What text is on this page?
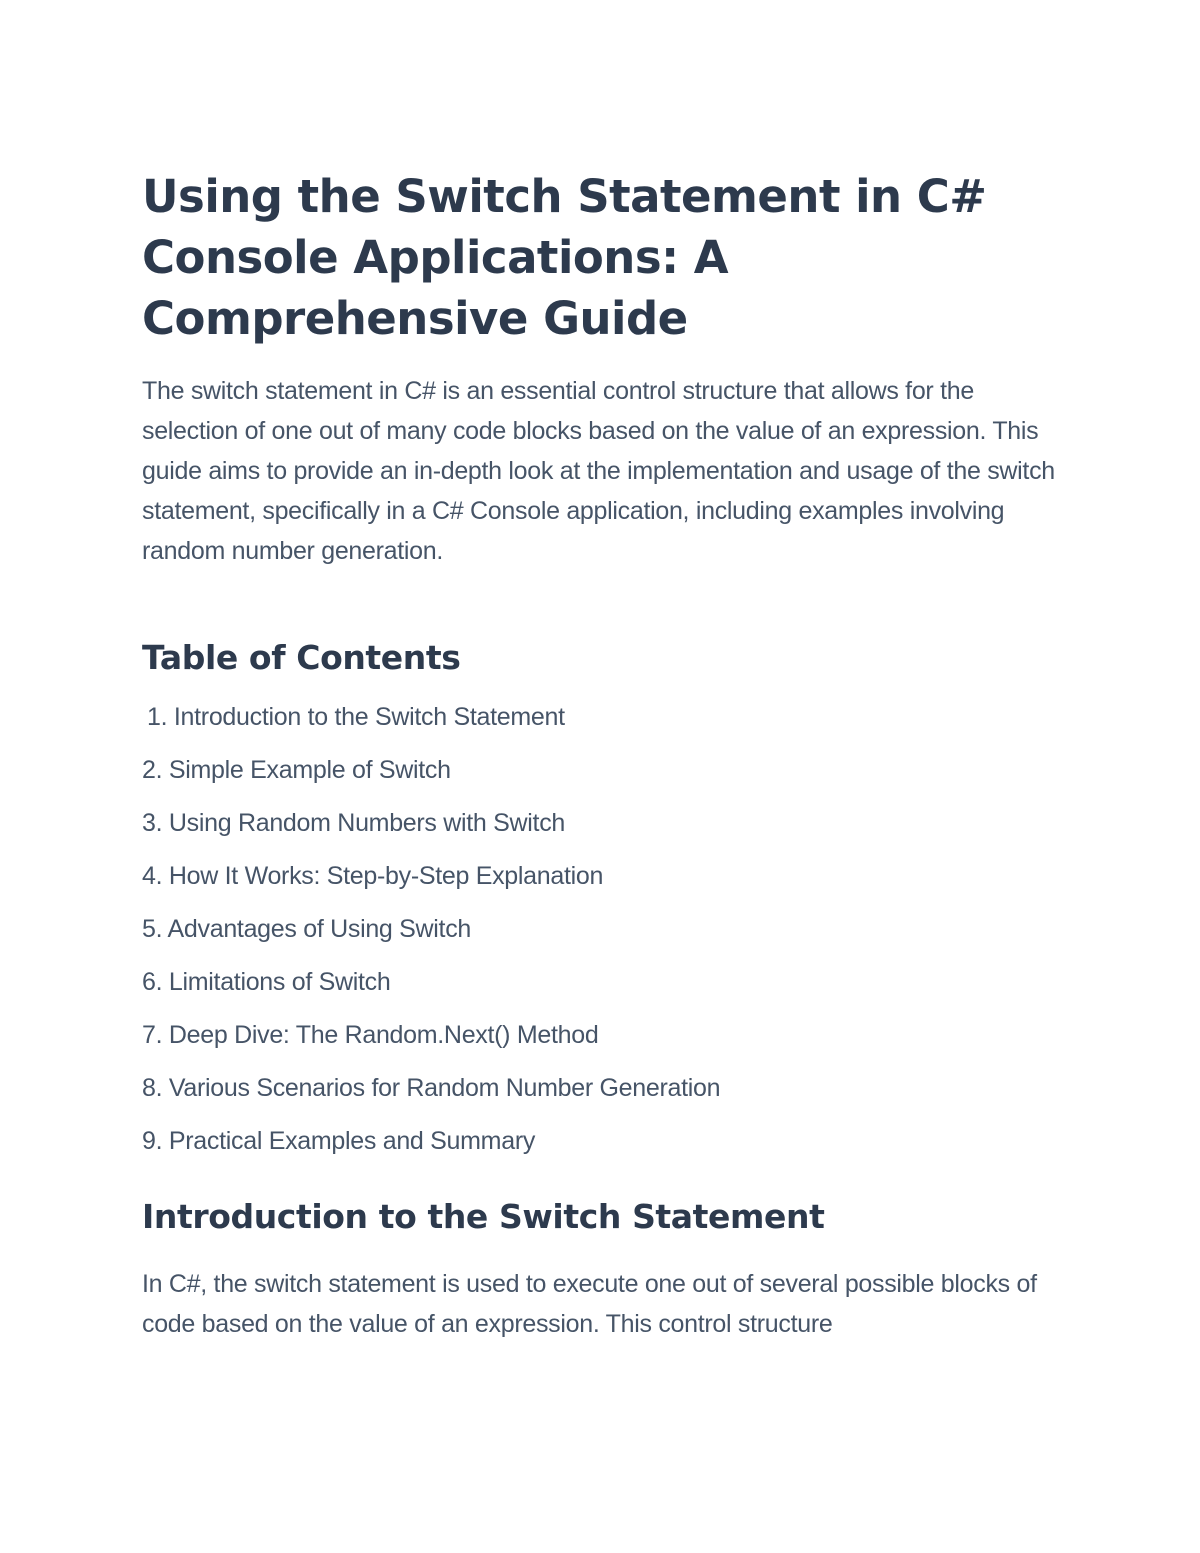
Using the Switch Statement in C# Console Applications: A Comprehensive Guide

The switch statement in C# is an essential control structure that allows for the selection of one out of many code blocks based on the value of an expression. This guide aims to provide an in-depth look at the implementation and usage of the switch statement, specifically in a C# Console application, including examples involving random number generation.

Table of Contents
1. Introduction to the Switch Statement
2. Simple Example of Switch
3. Using Random Numbers with Switch
4. How It Works: Step-by-Step Explanation
5. Advantages of Using Switch
6. Limitations of Switch
7. Deep Dive: The Random.Next() Method
8. Various Scenarios for Random Number Generation
9. Practical Examples and Summary
Introduction to the Switch Statement

In C#, the switch statement is used to execute one out of several possible blocks of code based on the value of an expression. This control structure
